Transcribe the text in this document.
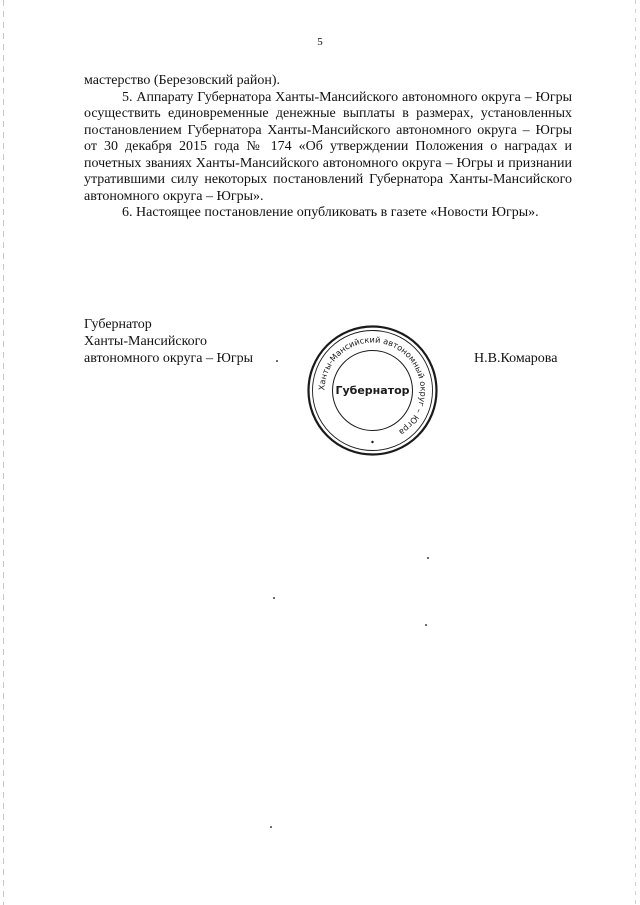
5

мастерство (Березовский район).

5. Аппарату Губернатора Ханты-Мансийского автономного округа – Югры осуществить единовременные денежные выплаты в размерах, установленных постановлением Губернатора Ханты-Мансийского автономного округа – Югры от 30 декабря 2015 года № 174 «Об утверждении Положения о наградах и почетных званиях Ханты-Мансийского автономного округа – Югры и признании утратившими силу некоторых постановлений Губернатора Ханты-Мансийского автономного округа – Югры».

6. Настоящее постановление опубликовать в газете «Новости Югры».

Губернатор
Ханты-Мансийского
автономного округа – Югры
Ханты-Мансийский автономный округ – Югра
Губернатор
Н.В.Комарова
